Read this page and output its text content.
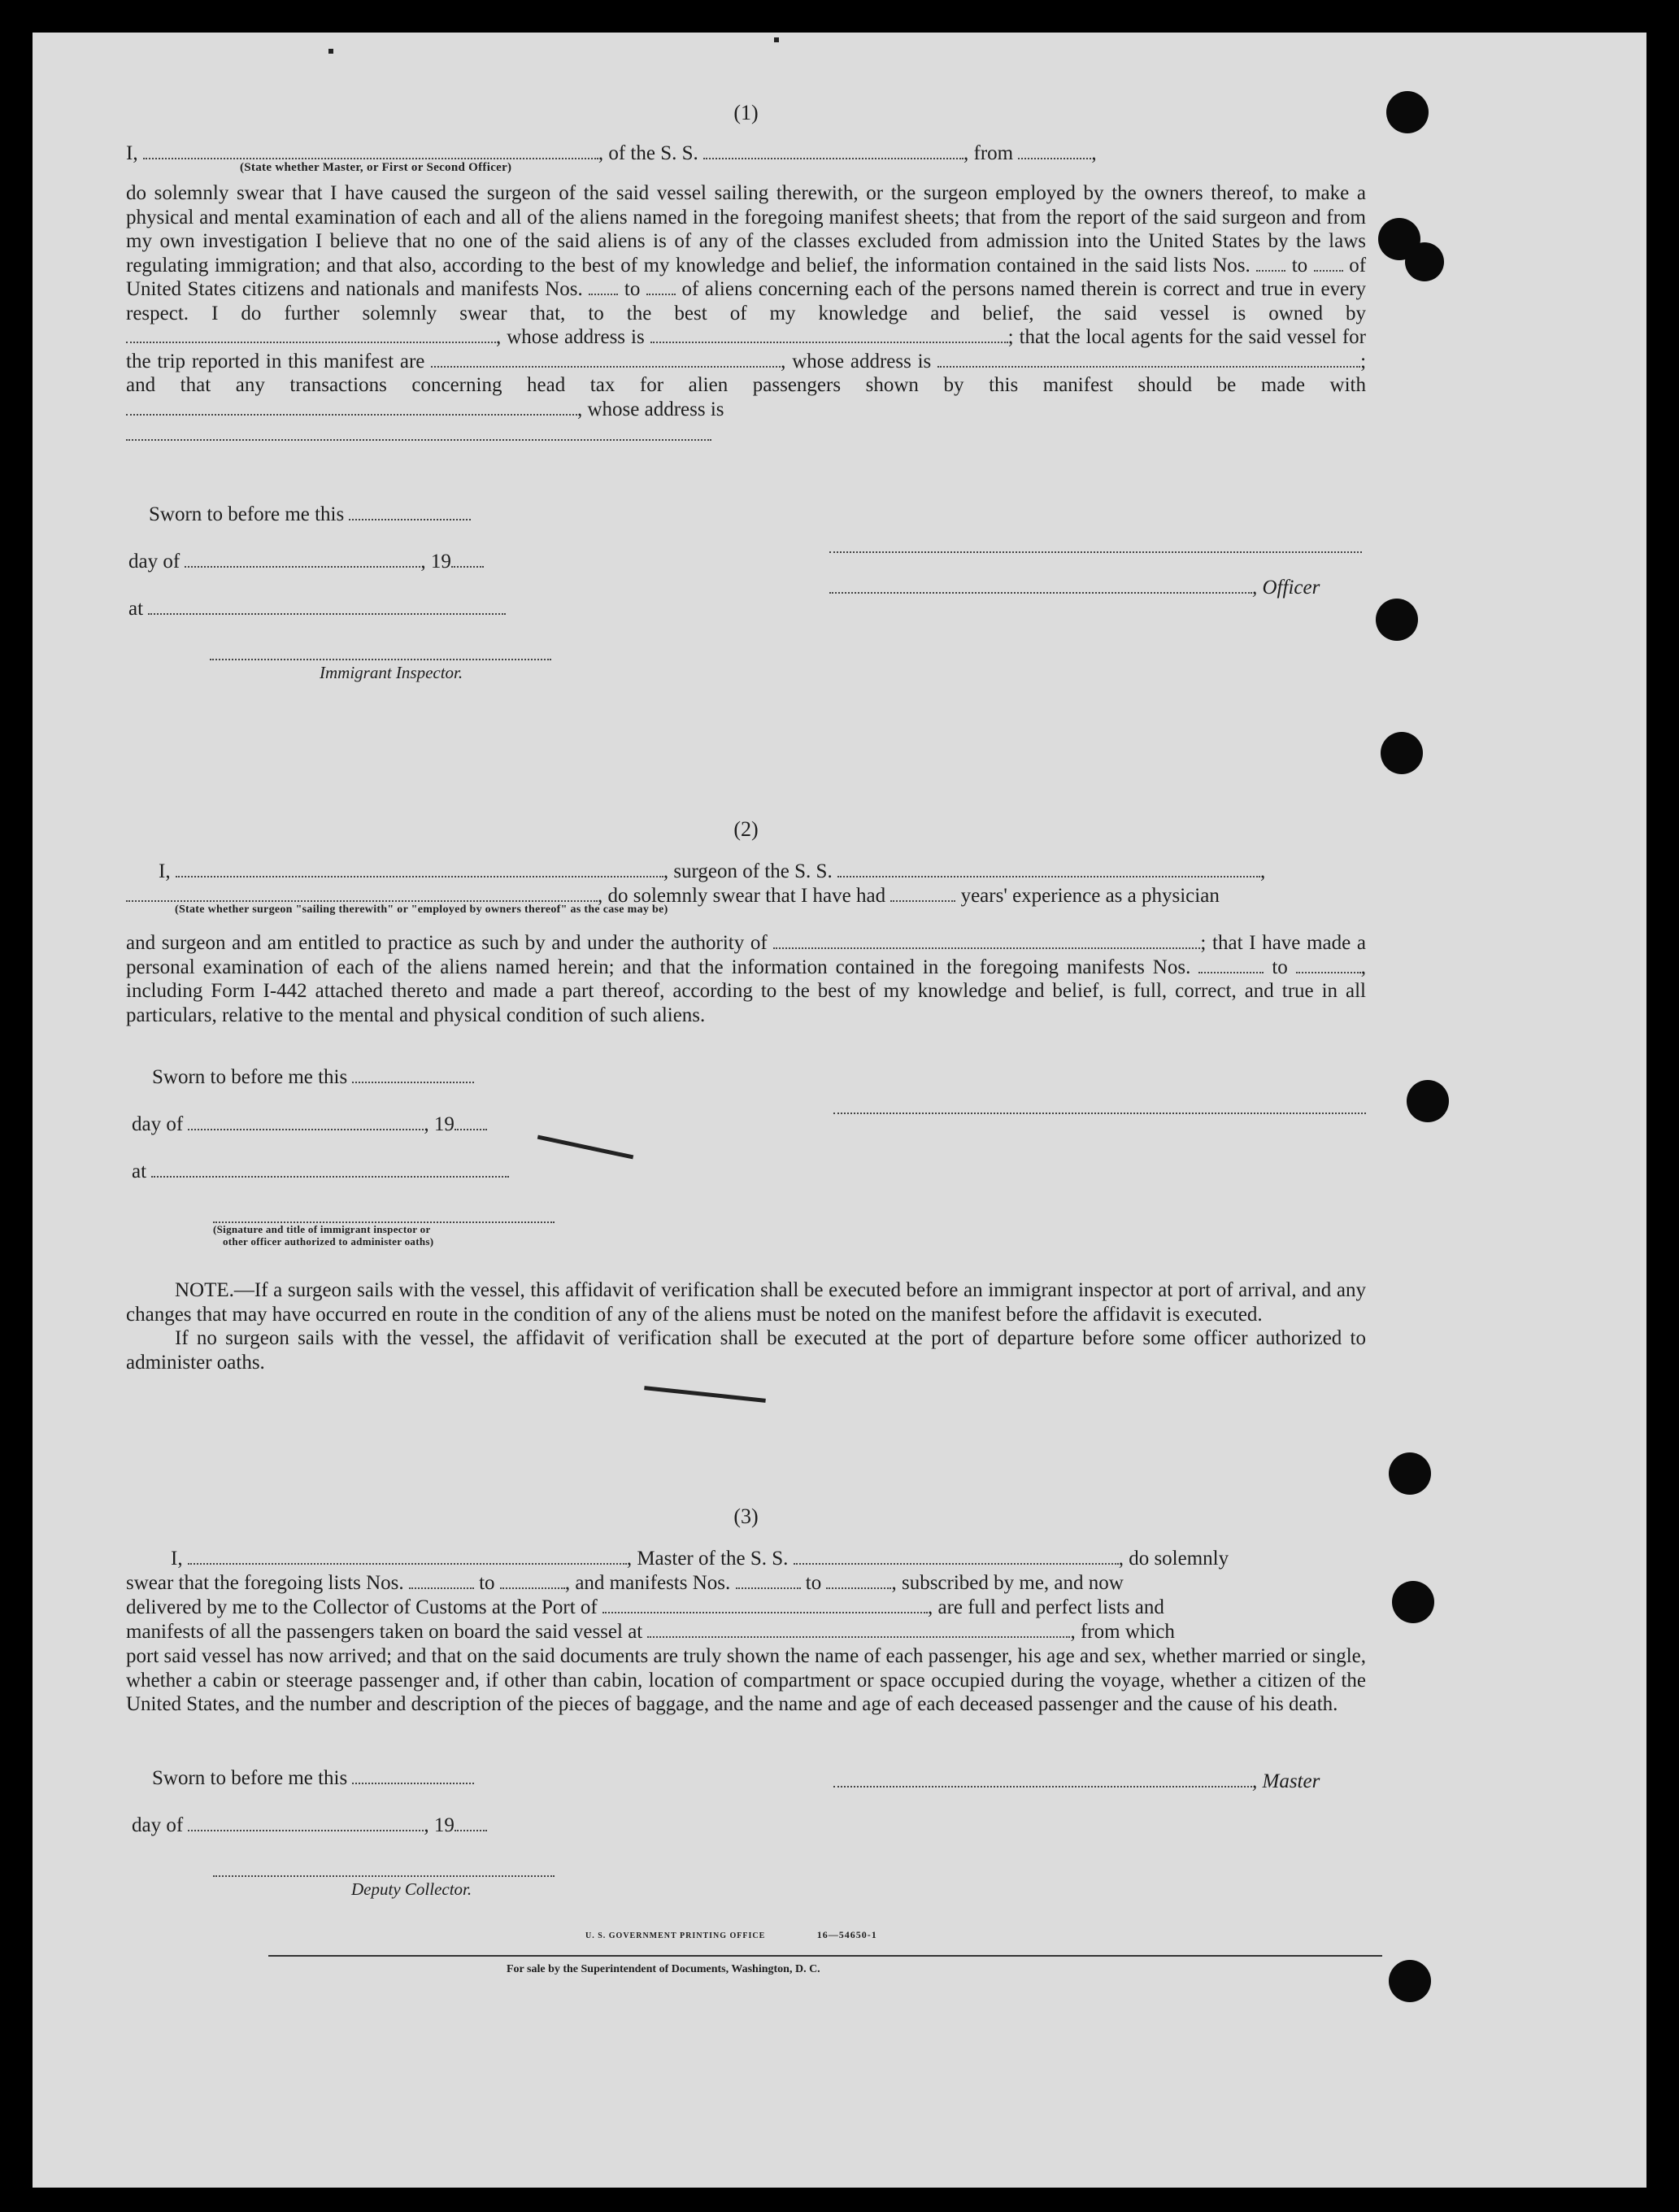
(1)
I,	, of the S. S.	, from	,
(State whether Master, or First or Second Officer)
do solemnly swear that I have caused the surgeon of the said vessel sailing therewith, or the surgeon employed by the owners thereof, to make a physical and mental examination of each and all of the aliens named in the foregoing manifest sheets; that from the report of the said surgeon and from my own investigation I believe that no one of the said aliens is of any of the classes excluded from admission into the United States by the laws regulating immigration; and that also, according to the best of my knowledge and belief, the information contained in the said lists Nos. to of United States citizens and nationals and manifests Nos. to of aliens concerning each of the persons named therein is correct and true in every respect. I do further solemnly swear that, to the best of my knowledge and belief, the said vessel is owned by , whose address is	; that the local agents for the said vessel for the trip reported in this manifest are	, whose address is	; and that any transactions concerning head tax for alien passengers shown by this manifest should be made with , whose address is
Sworn to before me this
day of	, 19
at
Immigrant Inspector.
, Officer
(2)
I,	, surgeon of the S. S.	,
, do solemnly swear that I have had	years' experience as a physician
(State whether surgeon "sailing therewith" or "employed by owners thereof" as the case may be)
and surgeon and am entitled to practice as such by and under the authority of	; that I have made a personal examination of each of the aliens named herein; and that the information contained in the foregoing manifests Nos.	to	, including Form I-442 attached thereto and made a part thereof, according to the best of my knowledge and belief, is full, correct, and true in all particulars, relative to the mental and physical condition of such aliens.
Sworn to before me this
day of	, 19
at
(Signature and title of immigrant inspector or
other officer authorized to administer oaths)
NOTE.—If a surgeon sails with the vessel, this affidavit of verification shall be executed before an immigrant inspector at port of arrival, and any changes that may have occurred en route in the condition of any of the aliens must be noted on the manifest before the affidavit is executed.
If no surgeon sails with the vessel, the affidavit of verification shall be executed at the port of departure before some officer authorized to administer oaths.
(3)
I,	, Master of the S. S.	, do solemnly
swear that the foregoing lists Nos.	to	, and manifests Nos.	to	, subscribed by me, and now
delivered by me to the Collector of Customs at the Port of	, are full and perfect lists and
manifests of all the passengers taken on board the said vessel at	, from which
port said vessel has now arrived; and that on the said documents are truly shown the name of each passenger, his age and sex, whether married or single, whether a cabin or steerage passenger and, if other than cabin, location of compartment or space occupied during the voyage, whether a citizen of the United States, and the number and description of the pieces of baggage, and the name and age of each deceased passenger and the cause of his death.
Sworn to before me this
day of	, 19
Deputy Collector.
, Master
U. S. GOVERNMENT PRINTING OFFICE	16—54650-1
For sale by the Superintendent of Documents, Washington, D. C.
